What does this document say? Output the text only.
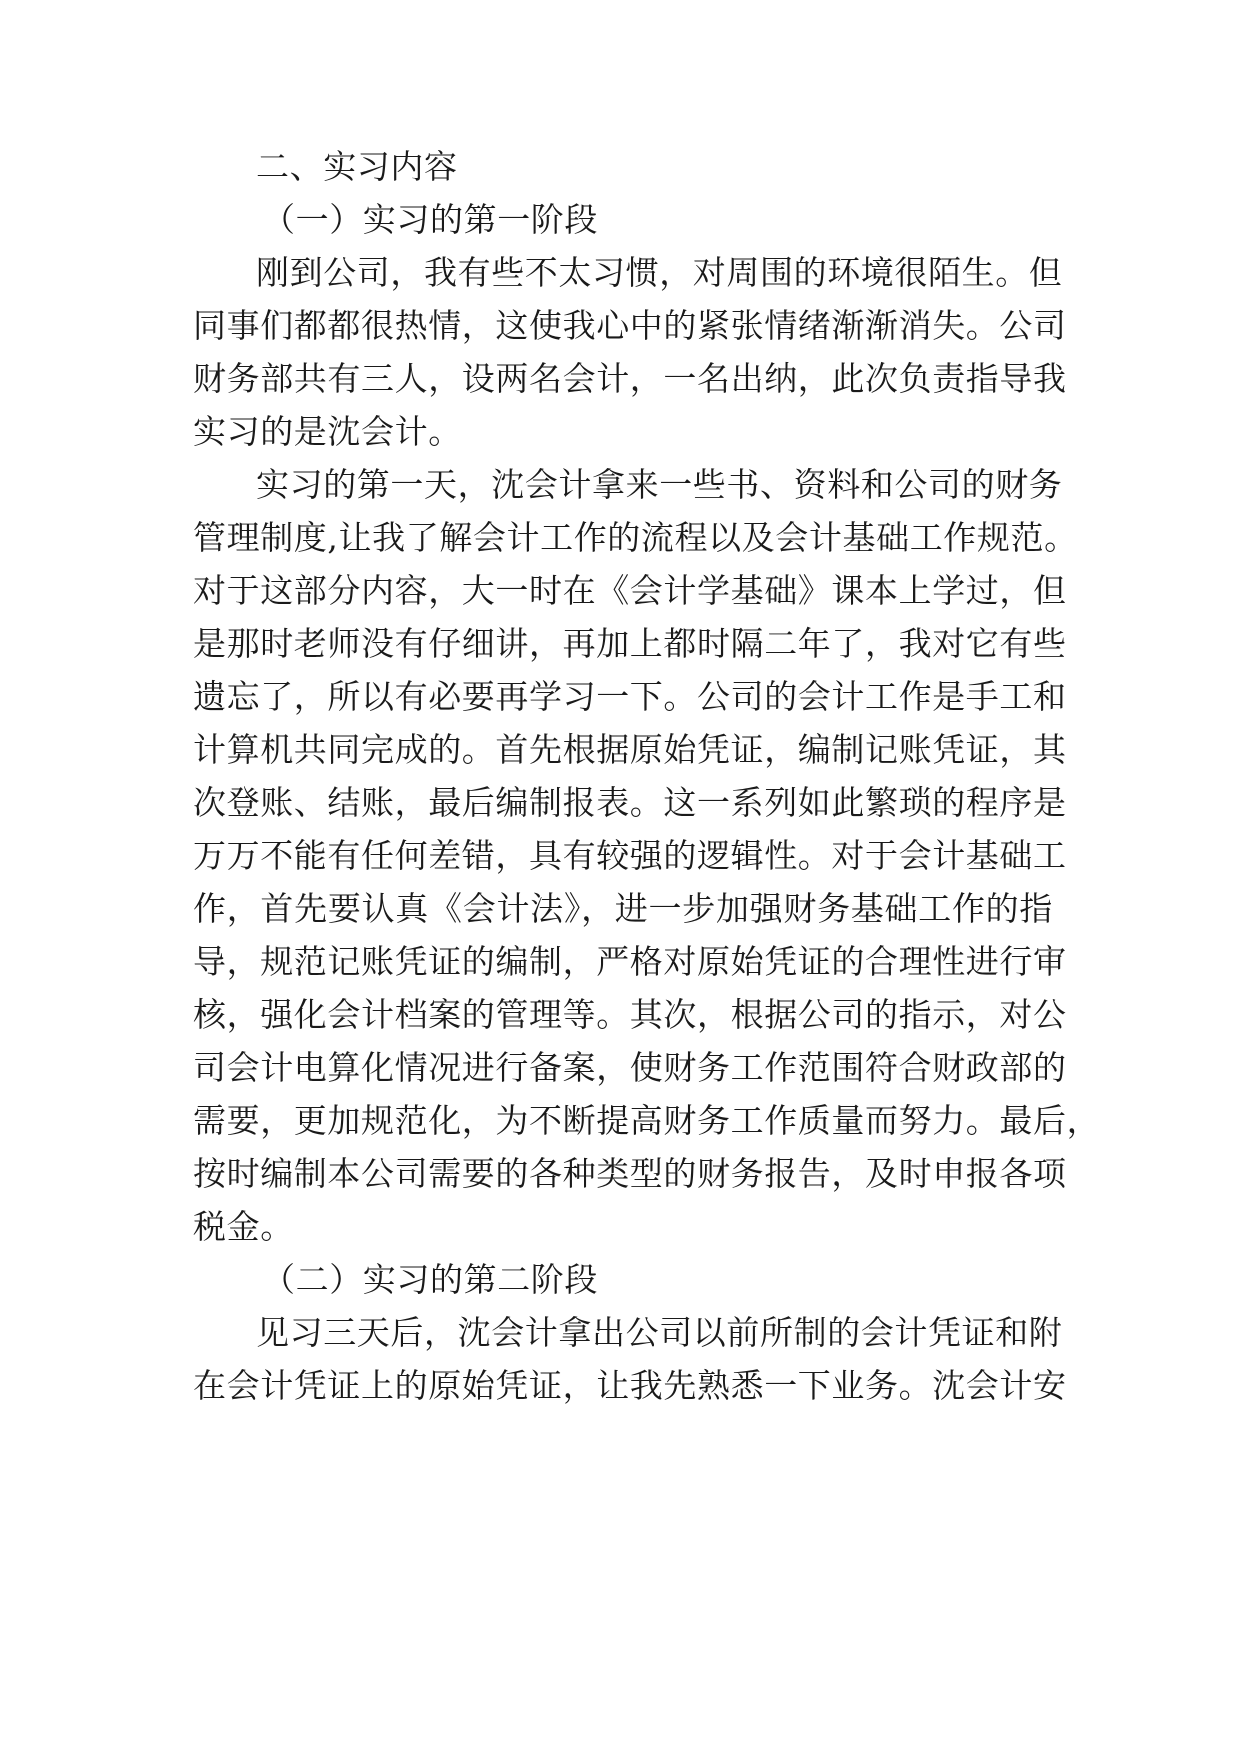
二、实习内容
（一）实习的第一阶段
刚到公司，我有些不太习惯，对周围的环境很陌生。但
同事们都都很热情，这使我心中的紧张情绪渐渐消失。公司
财务部共有三人，设两名会计，一名出纳，此次负责指导我
实习的是沈会计。
实习的第一天，沈会计拿来一些书、资料和公司的财务
管理制度,让我了解会计工作的流程以及会计基础工作规范。
对于这部分内容，大一时在《会计学基础》课本上学过，但
是那时老师没有仔细讲，再加上都时隔二年了，我对它有些
遗忘了，所以有必要再学习一下。公司的会计工作是手工和
计算机共同完成的。首先根据原始凭证，编制记账凭证，其
次登账、结账，最后编制报表。这一系列如此繁琐的程序是
万万不能有任何差错，具有较强的逻辑性。对于会计基础工
作，首先要认真《会计法》，进一步加强财务基础工作的指
导，规范记账凭证的编制，严格对原始凭证的合理性进行审
核，强化会计档案的管理等。其次，根据公司的指示，对公
司会计电算化情况进行备案，使财务工作范围符合财政部的
需要，更加规范化，为不断提高财务工作质量而努力。最后，
按时编制本公司需要的各种类型的财务报告，及时申报各项
税金。
（二）实习的第二阶段
见习三天后，沈会计拿出公司以前所制的会计凭证和附
在会计凭证上的原始凭证，让我先熟悉一下业务。沈会计安
